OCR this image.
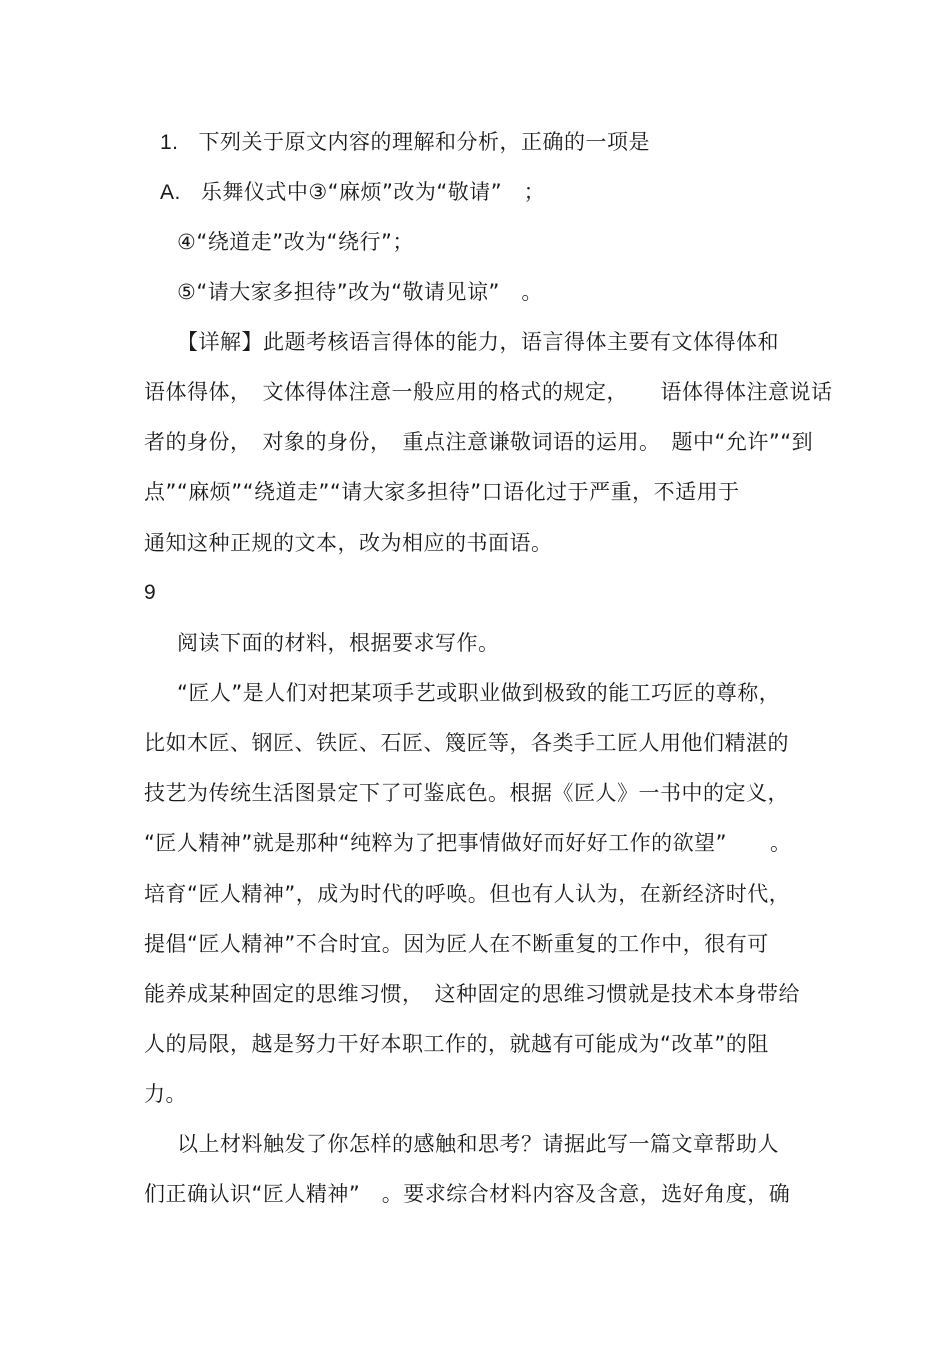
1. 下列关于原文内容的理解和分析，正确的一项是
A. 乐舞仪式中③“麻烦”改为“敬请”　；
④“绕道走”改为“绕行”；
⑤“请大家多担待”改为“敬请见谅”　。
【详解】此题考核语言得体的能力，语言得体主要有文体得体和
语体得体，　文体得体注意一般应用的格式的规定，　　语体得体注意说话
者的身份，　对象的身份，　重点注意谦敬词语的运用。　题中“允许”“到
点”“麻烦”“绕道走”“请大家多担待”口语化过于严重，不适用于
通知这种正规的文本，改为相应的书面语。
9
阅读下面的材料，根据要求写作。
“匠人”是人们对把某项手艺或职业做到极致的能工巧匠的尊称，
比如木匠、钢匠、铁匠、石匠、篾匠等，各类手工匠人用他们精湛的
技艺为传统生活图景定下了可鉴底色。根据《匠人》一书中的定义，
“匠人精神”就是那种“纯粹为了把事情做好而好好工作的欲望”　　。
培育“匠人精神”，成为时代的呼唤。但也有人认为，在新经济时代，
提倡“匠人精神”不合时宜。因为匠人在不断重复的工作中，很有可
能养成某种固定的思维习惯，　这种固定的思维习惯就是技术本身带给
人的局限，越是努力干好本职工作的，就越有可能成为“改革”的阻
力。
以上材料触发了你怎样的感触和思考？请据此写一篇文章帮助人
们正确认识“匠人精神”　。要求综合材料内容及含意，选好角度，确
